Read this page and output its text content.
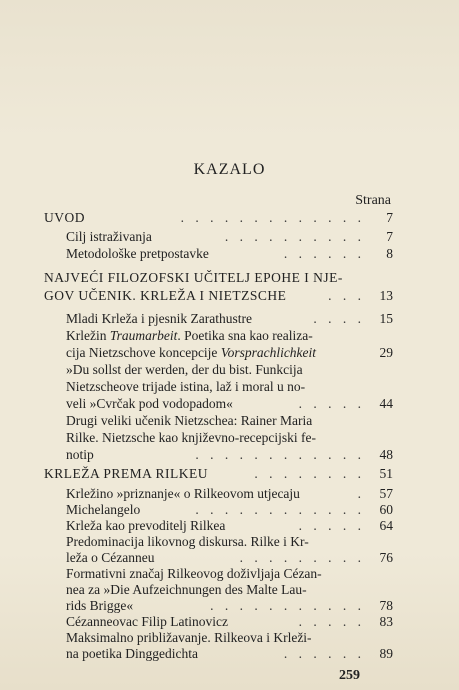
KAZALO
Strana
UVOD	. . . . . . . . . . . . . 7
Cilj istraživanja	. . . . . . . . . . 7
Metodološke pretpostavke	. . . . . . 8
NAJVEĆI FILOZOFSKI UČITELJ EPOHE I NJE-
GOV UČENIK. KRLEŽA I NIETZSCHE	. . . 13
Mladi Krleža i pjesnik Zarathustre	. . . . 15
Krležin Traumarbeit. Poetika sna kao realiza-
cija Nietzschove koncepcije Vorsprachlichkeit	29
»Du sollst der werden, der du bist. Funkcija
Nietzscheove trijade istina, laž i moral u no-
veli »Cvrčak pod vodopadom«	. . . . . 44
Drugi veliki učenik Nietzschea: Rainer Maria
Rilke. Nietzsche kao književno-recepcijski fe-
notip	. . . . . . . . . . . . 48
KRLEŽA PREMA RILKEU	. . . . . . . . 51
Krležino »priznanje« o Rilkeovom utjecaju	. 57
Michelangelo	. . . . . . . . . . . . 60
Krleža kao prevoditelj Rilkea	. . . . . 64
Predominacija likovnog diskursa. Rilke i Kr-
leža o Cézanneu	. . . . . . . . . 76
Formativni značaj Rilkeovog doživljaja Cézan-
nea za »Die Aufzeichnungen des Malte Lau-
rids Brigge«	. . . . . . . . . . . 78
Cézanneovac Filip Latinovicz	. . . . . 83
Maksimalno približavanje. Rilkeova i Krleži-
na poetika Dinggedichta	. . . . . . 89
259
